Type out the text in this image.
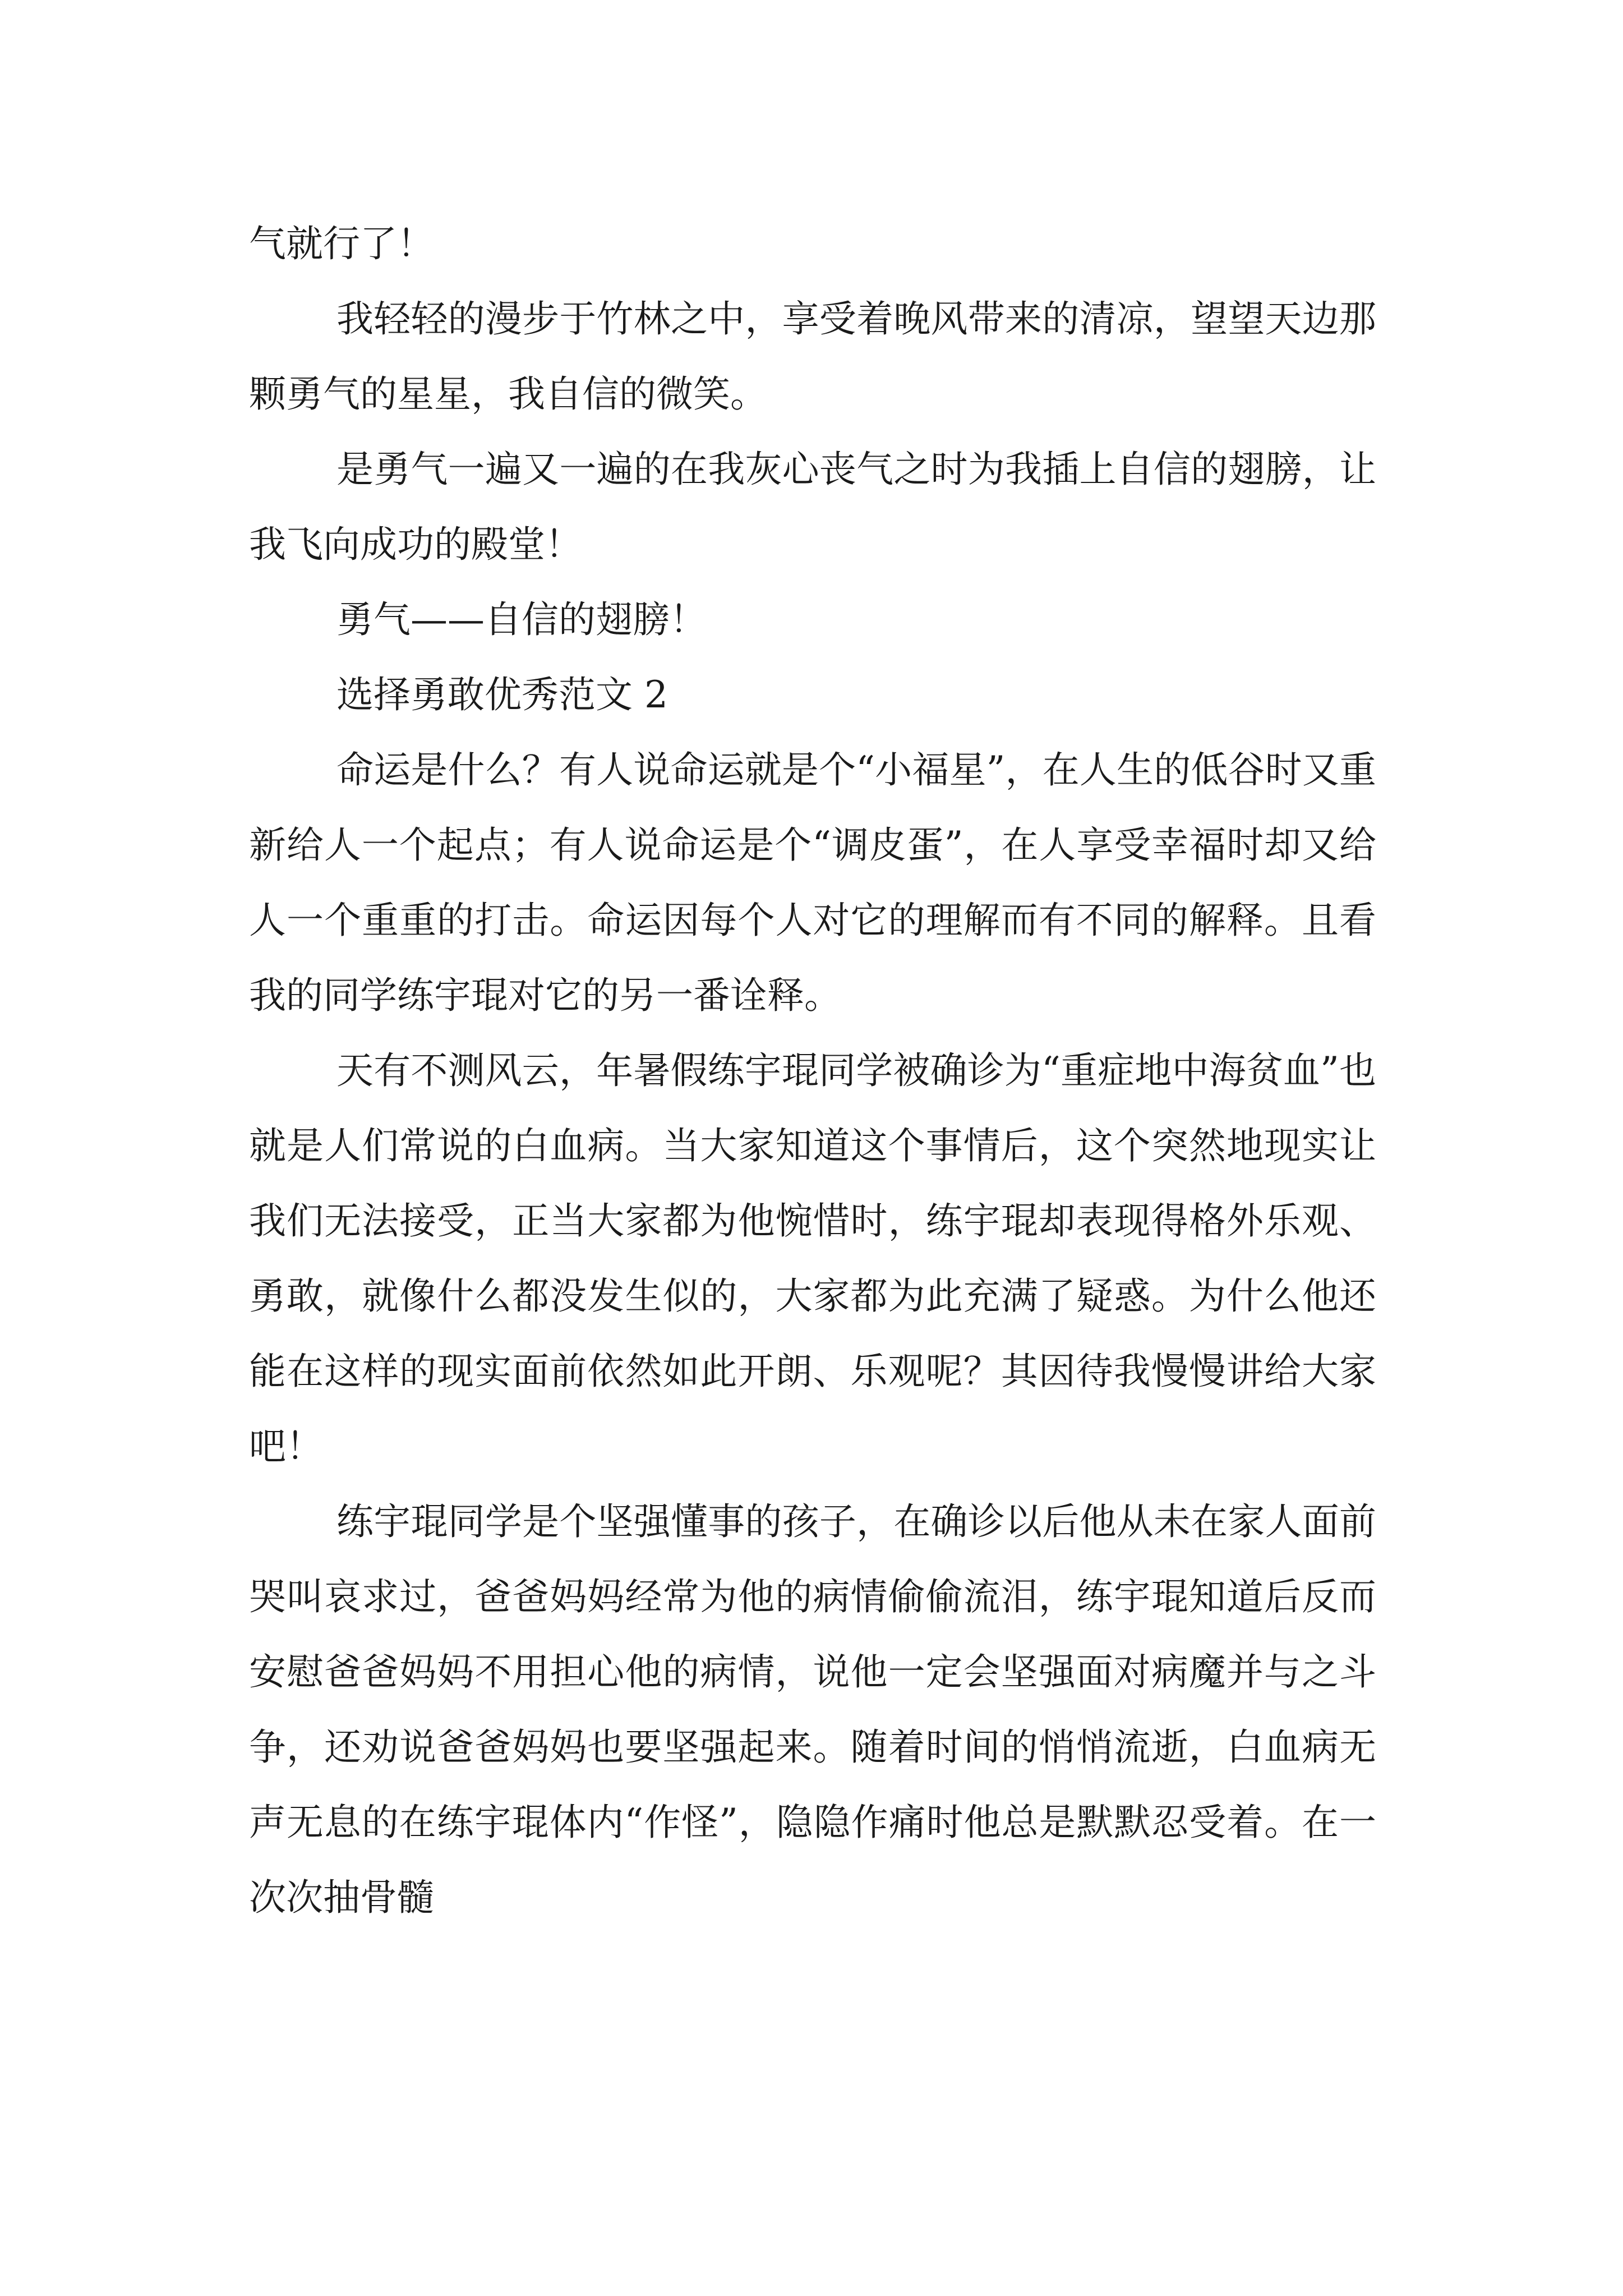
气就行了！

我轻轻的漫步于竹林之中，享受着晚风带来的清凉，望望天边那颗勇气的星星，我自信的微笑。

是勇气一遍又一遍的在我灰心丧气之时为我插上自信的翅膀，让我飞向成功的殿堂！

勇气——自信的翅膀！

选择勇敢优秀范文 2

命运是什么？有人说命运就是个“小福星”，在人生的低谷时又重新给人一个起点；有人说命运是个“调皮蛋”，在人享受幸福时却又给人一个重重的打击。命运因每个人对它的理解而有不同的解释。且看我的同学练宇琨对它的另一番诠释。

天有不测风云，年暑假练宇琨同学被确诊为“重症地中海贫血”也就是人们常说的白血病。当大家知道这个事情后，这个突然地现实让我们无法接受，正当大家都为他惋惜时，练宇琨却表现得格外乐观、勇敢，就像什么都没发生似的，大家都为此充满了疑惑。为什么他还能在这样的现实面前依然如此开朗、乐观呢？其因待我慢慢讲给大家吧！

练宇琨同学是个坚强懂事的孩子，在确诊以后他从未在家人面前哭叫哀求过，爸爸妈妈经常为他的病情偷偷流泪，练宇琨知道后反而安慰爸爸妈妈不用担心他的病情，说他一定会坚强面对病魔并与之斗争，还劝说爸爸妈妈也要坚强起来。随着时间的悄悄流逝，白血病无声无息的在练宇琨体内“作怪”，隐隐作痛时他总是默默忍受着。在一次次抽骨髓
